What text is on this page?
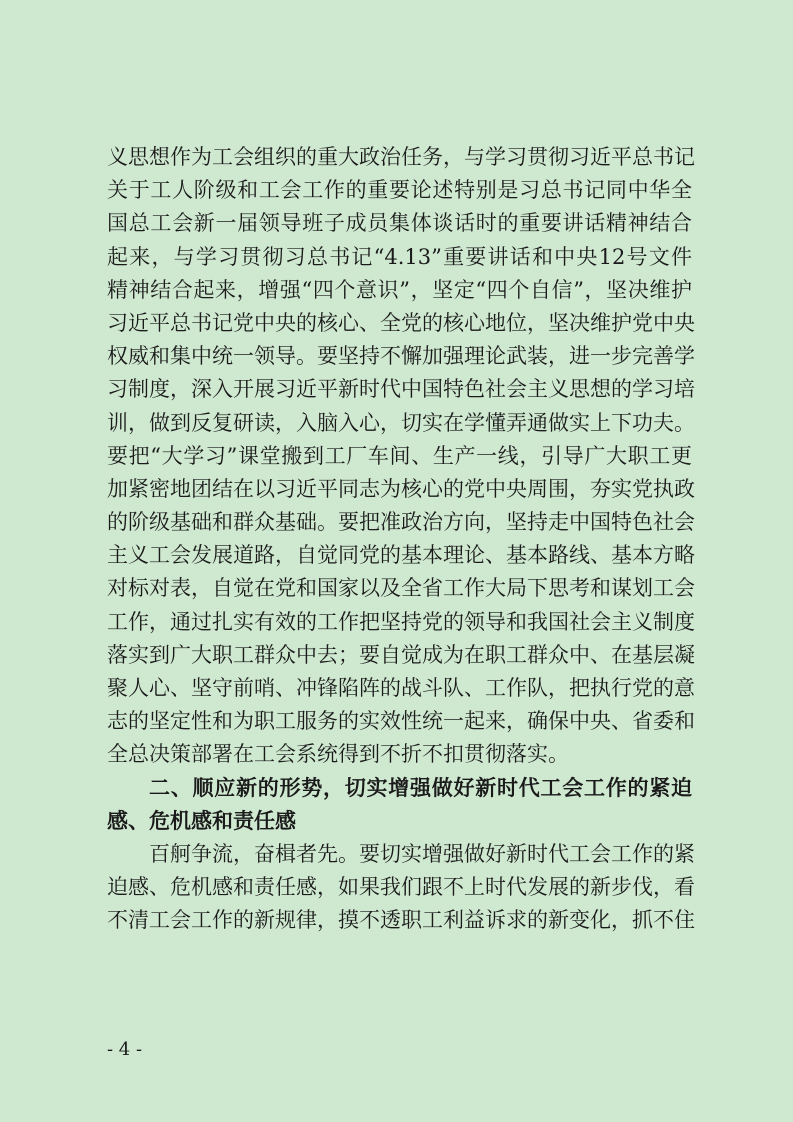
义思想作为工会组织的重大政治任务，与学习贯彻习近平总书记
关于工人阶级和工会工作的重要论述特别是习总书记同中华全
国总工会新一届领导班子成员集体谈话时的重要讲话精神结合
起来，与学习贯彻习总书记“4.13”重要讲话和中央12号文件
精神结合起来，增强“四个意识”，坚定“四个自信”，坚决维护
习近平总书记党中央的核心、全党的核心地位，坚决维护党中央
权威和集中统一领导。要坚持不懈加强理论武装，进一步完善学
习制度，深入开展习近平新时代中国特色社会主义思想的学习培
训，做到反复研读，入脑入心，切实在学懂弄通做实上下功夫。
要把“大学习”课堂搬到工厂车间、生产一线，引导广大职工更
加紧密地团结在以习近平同志为核心的党中央周围，夯实党执政
的阶级基础和群众基础。要把准政治方向，坚持走中国特色社会
主义工会发展道路，自觉同党的基本理论、基本路线、基本方略
对标对表，自觉在党和国家以及全省工作大局下思考和谋划工会
工作，通过扎实有效的工作把坚持党的领导和我国社会主义制度
落实到广大职工群众中去；要自觉成为在职工群众中、在基层凝
聚人心、坚守前哨、冲锋陷阵的战斗队、工作队，把执行党的意
志的坚定性和为职工服务的实效性统一起来，确保中央、省委和
全总决策部署在工会系统得到不折不扣贯彻落实。
二、顺应新的形势，切实增强做好新时代工会工作的紧迫
感、危机感和责任感
百舸争流，奋楫者先。要切实增强做好新时代工会工作的紧
迫感、危机感和责任感，如果我们跟不上时代发展的新步伐，看
不清工会工作的新规律，摸不透职工利益诉求的新变化，抓不住
- 4 -
